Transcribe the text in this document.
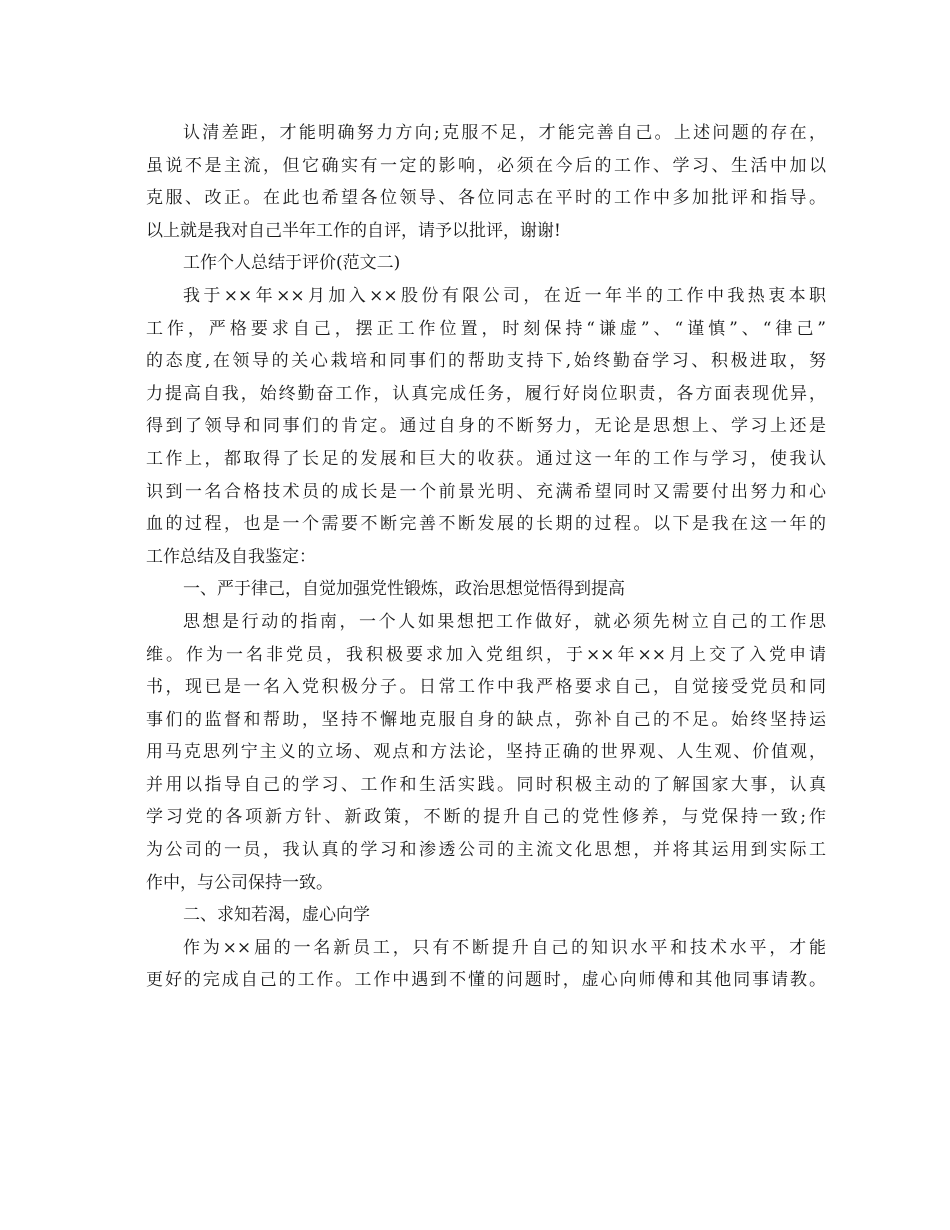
认清差距，才能明确努力方向;克服不足，才能完善自己。上述问题的存在，
虽说不是主流，但它确实有一定的影响，必须在今后的工作、学习、生活中加以
克服、改正。在此也希望各位领导、各位同志在平时的工作中多加批评和指导。
以上就是我对自己半年工作的自评，请予以批评，谢谢!
工作个人总结于评价(范文二)
我于××年××月加入××股份有限公司，在近一年半的工作中我热衷本职
工作，严格要求自己，摆正工作位置，时刻保持“谦虚”、“谨慎”、“律己”
的态度,在领导的关心栽培和同事们的帮助支持下,始终勤奋学习、积极进取，努
力提高自我，始终勤奋工作，认真完成任务，履行好岗位职责，各方面表现优异，
得到了领导和同事们的肯定。通过自身的不断努力，无论是思想上、学习上还是
工作上，都取得了长足的发展和巨大的收获。通过这一年的工作与学习，使我认
识到一名合格技术员的成长是一个前景光明、充满希望同时又需要付出努力和心
血的过程，也是一个需要不断完善不断发展的长期的过程。以下是我在这一年的
工作总结及自我鉴定：
一、严于律己，自觉加强党性锻炼，政治思想觉悟得到提高
思想是行动的指南，一个人如果想把工作做好，就必须先树立自己的工作思
维。作为一名非党员，我积极要求加入党组织，于××年××月上交了入党申请
书，现已是一名入党积极分子。日常工作中我严格要求自己，自觉接受党员和同
事们的监督和帮助，坚持不懈地克服自身的缺点，弥补自己的不足。始终坚持运
用马克思列宁主义的立场、观点和方法论，坚持正确的世界观、人生观、价值观，
并用以指导自己的学习、工作和生活实践。同时积极主动的了解国家大事，认真
学习党的各项新方针、新政策，不断的提升自己的党性修养，与党保持一致;作
为公司的一员，我认真的学习和渗透公司的主流文化思想，并将其运用到实际工
作中，与公司保持一致。
二、求知若渴，虚心向学
作为××届的一名新员工，只有不断提升自己的知识水平和技术水平，才能
更好的完成自己的工作。工作中遇到不懂的问题时，虚心向师傅和其他同事请教。
